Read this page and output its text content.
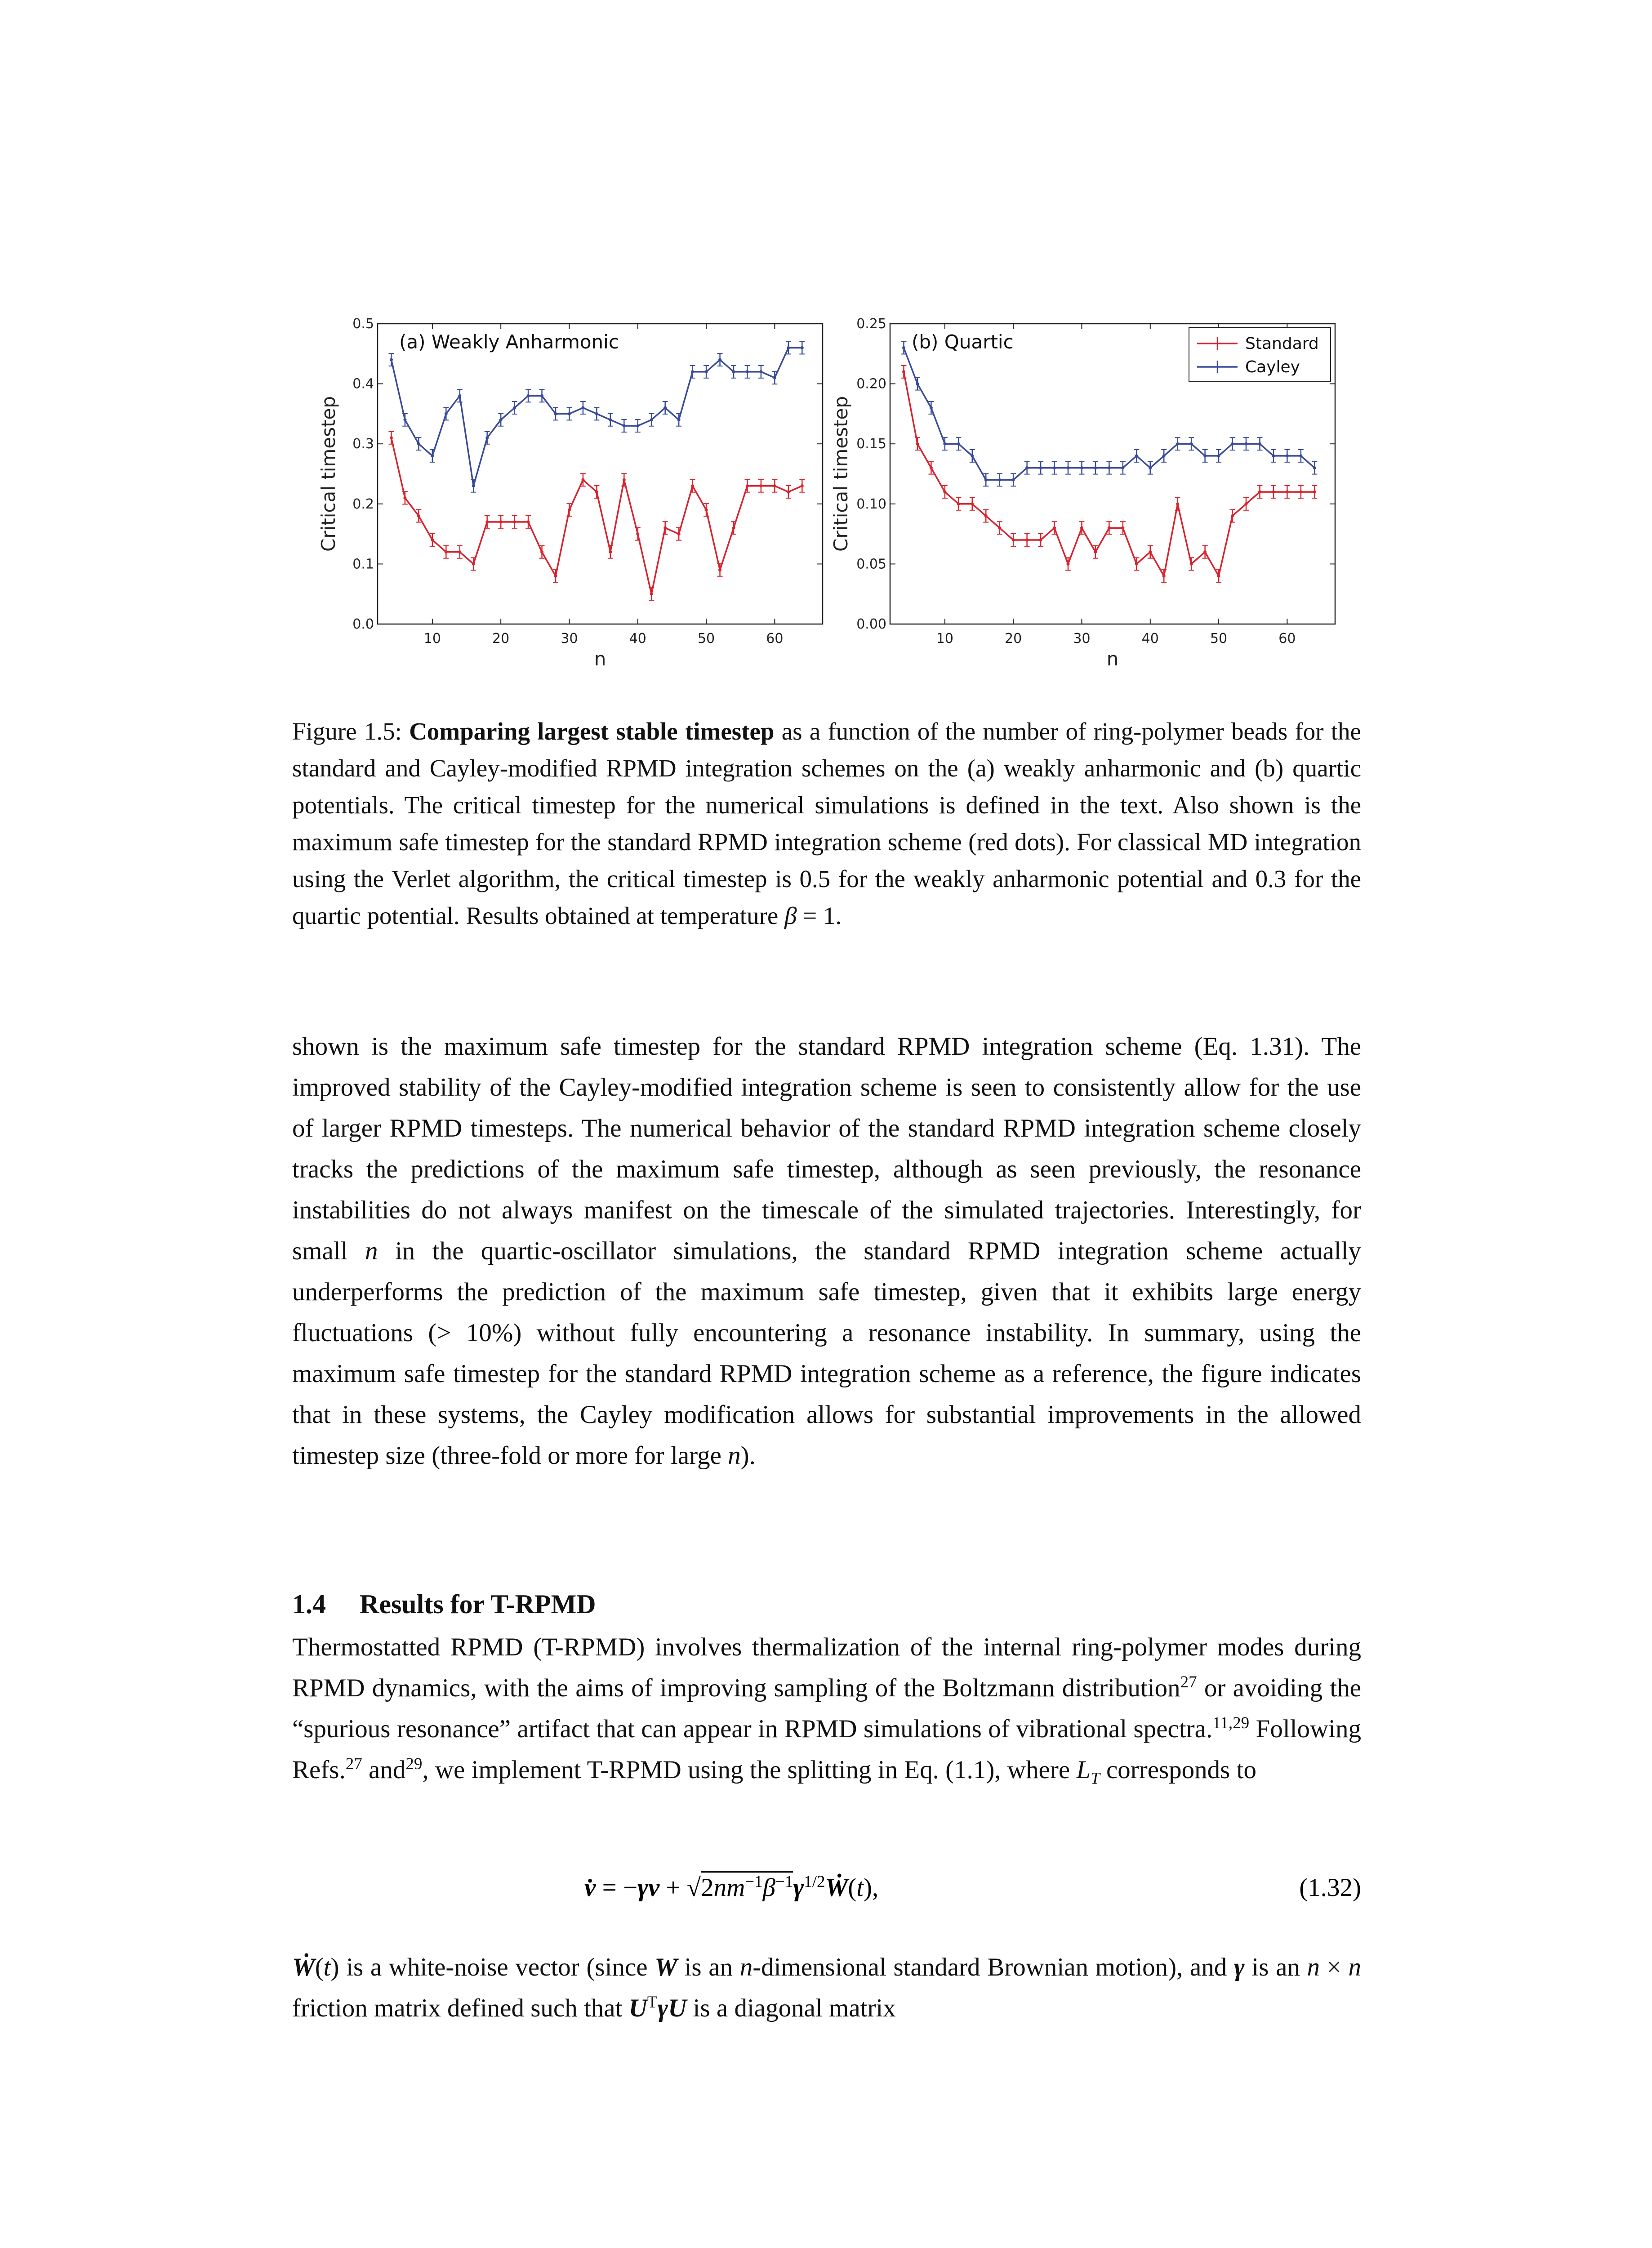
10	20	30	40	50	60
0.0
0.1
0.2
0.3
0.4
0.5
n
Critical timestep
(a) Weakly Anharmonic
10	20	30	40	50	60
0.00
0.05
0.10
0.15
0.20
0.25
n
Critical timestep
(b) Quartic	Standard
Cayley
Figure 1.5: Comparing largest stable timestep as a function of the number of ring-polymer beads for the standard and Cayley-modified RPMD integration schemes on the (a) weakly anharmonic and (b) quartic potentials. The critical timestep for the numerical simulations is defined in the text. Also shown is the maximum safe timestep for the standard RPMD integration scheme (red dots). For classical MD integration using the Verlet algorithm, the critical timestep is 0.5 for the weakly anharmonic potential and 0.3 for the quartic potential. Results obtained at temperature β = 1.
shown is the maximum safe timestep for the standard RPMD integration scheme (Eq. 1.31). The improved stability of the Cayley-modified integration scheme is seen to consistently allow for the use of larger RPMD timesteps. The numerical behavior of the standard RPMD integration scheme closely tracks the predictions of the maximum safe timestep, although as seen previously, the resonance instabilities do not always manifest on the timescale of the simulated trajectories. Interestingly, for small n in the quartic-oscillator simulations, the standard RPMD integration scheme actually underperforms the prediction of the maximum safe timestep, given that it exhibits large energy fluctuations (> 10%) without fully encountering a resonance instability. In summary, using the maximum safe timestep for the standard RPMD integration scheme as a reference, the figure indicates that in these systems, the Cayley modification allows for substantial improvements in the allowed timestep size (three-fold or more for large n).
1.4 Results for T-RPMD
Thermostatted RPMD (T-RPMD) involves thermalization of the internal ring-polymer modes during RPMD dynamics, with the aims of improving sampling of the Boltzmann distribution$^{27}$ or avoiding the “spurious resonance” artifact that can appear in RPMD simulations of vibrational spectra.$^{11,29}$ Following Refs.$^{27}$ and$^{29}$, we implement T-RPMD using the splitting in Eq. (1.1), where $L_T$ corresponds to
v̇ = $-\gamma v + √2nm^{-1}\beta^{-1}\gamma^{1/2}Ẇ(t)$,	(1.32)
Ẇ(t) is a white-noise vector (since W is an n-dimensional standard Brownian motion), and γ is an n × n friction matrix defined such that $U^T\gamma U$ is a diagonal matrix
